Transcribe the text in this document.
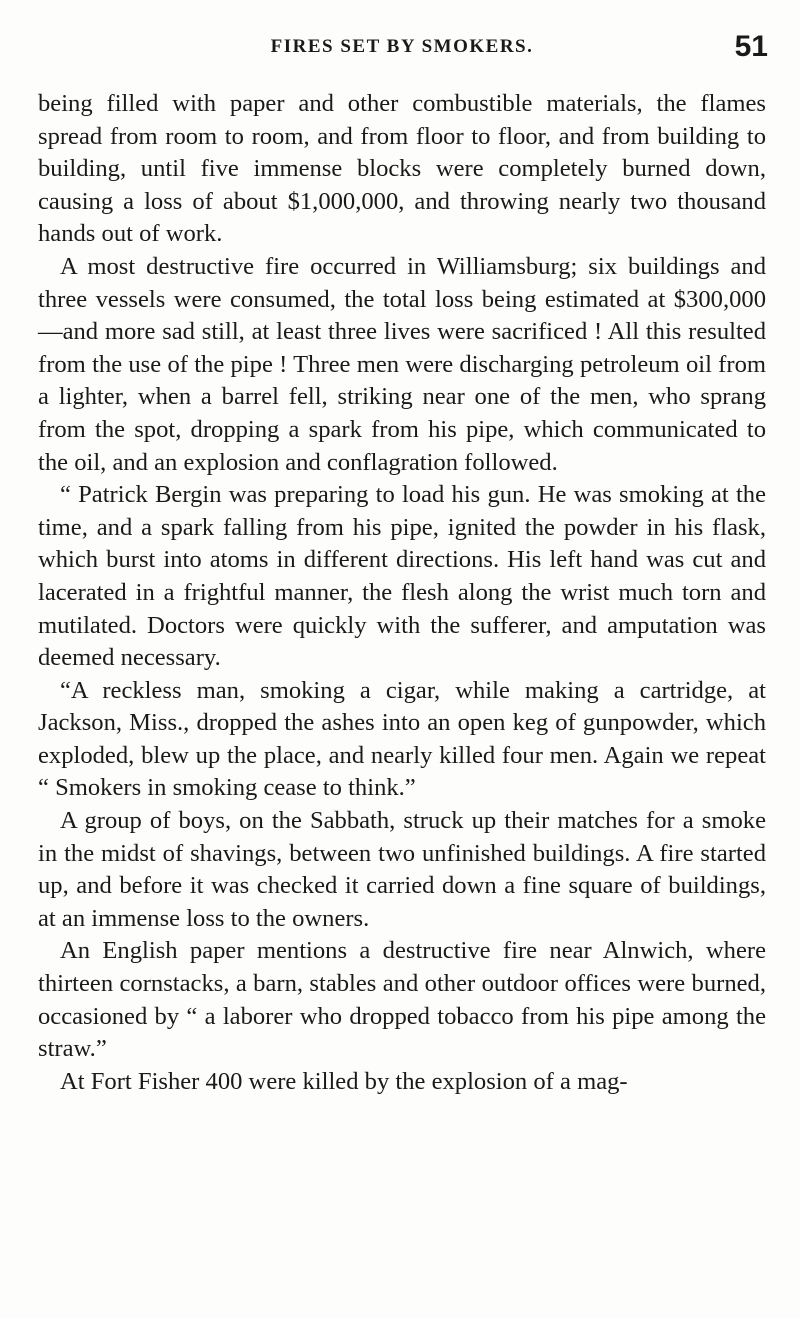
FIRES SET BY SMOKERS.	51

being filled with paper and other combustible materials, the flames spread from room to room, and from floor to floor, and from building to building, until five immense blocks were completely burned down, causing a loss of about $1,000,000, and throwing nearly two thousand hands out of work.

A most destructive fire occurred in Williamsburg; six buildings and three vessels were consumed, the total loss being estimated at $300,000—and more sad still, at least three lives were sacrificed ! All this resulted from the use of the pipe ! Three men were discharging petroleum oil from a lighter, when a barrel fell, striking near one of the men, who sprang from the spot, dropping a spark from his pipe, which communicated to the oil, and an explosion and conflagration followed.

“ Patrick Bergin was preparing to load his gun. He was smoking at the time, and a spark falling from his pipe, ignited the powder in his flask, which burst into atoms in different directions. His left hand was cut and lacerated in a frightful manner, the flesh along the wrist much torn and mutilated. Doctors were quickly with the sufferer, and amputation was deemed necessary.

“A reckless man, smoking a cigar, while making a cartridge, at Jackson, Miss., dropped the ashes into an open keg of gunpowder, which exploded, blew up the place, and nearly killed four men. Again we repeat “ Smokers in smoking cease to think.”

A group of boys, on the Sabbath, struck up their matches for a smoke in the midst of shavings, between two unfinished buildings. A fire started up, and before it was checked it carried down a fine square of buildings, at an immense loss to the owners.

An English paper mentions a destructive fire near Alnwich, where thirteen cornstacks, a barn, stables and other outdoor offices were burned, occasioned by “ a laborer who dropped tobacco from his pipe among the straw.”

At Fort Fisher 400 were killed by the explosion of a mag-
